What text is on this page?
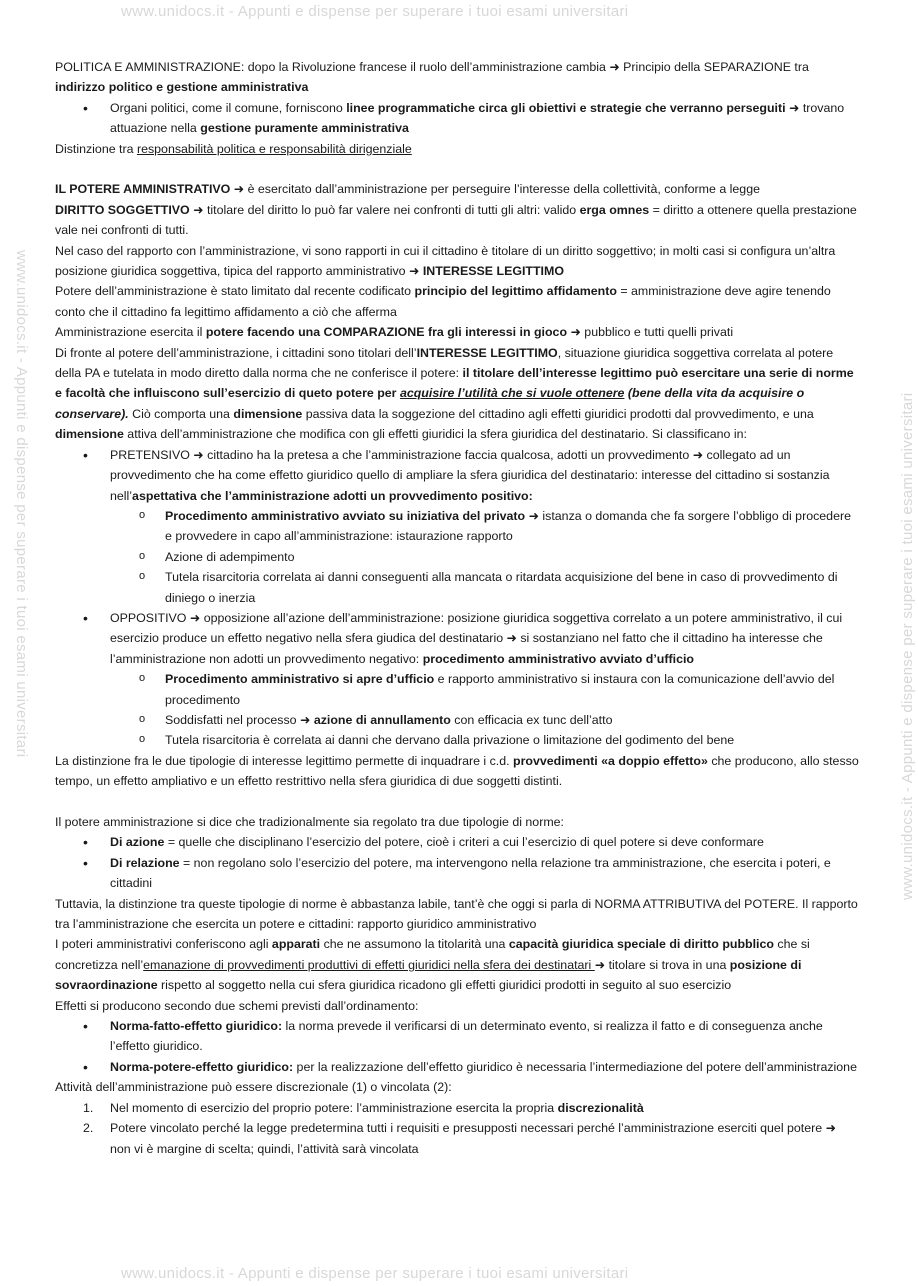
www.unidocs.it - Appunti e dispense per superare i tuoi esami universitari
www.unidocs.it - Appunti e dispense per superare i tuoi esami universitari
www.unidocs.it - Appunti e dispense per superare i tuoi esami universitari	www.unidocs.it - Appunti e dispense per superare i tuoi esami universitari

POLITICA E AMMINISTRAZIONE: dopo la Rivoluzione francese il ruolo dell’amministrazione cambia ➜ Principio della SEPARAZIONE tra indirizzo politico e gestione amministrativa

• Organi politici, come il comune, forniscono linee programmatiche circa gli obiettivi e strategie che verranno perseguiti ➜ trovano attuazione nella gestione puramente amministrativa

Distinzione tra responsabilità politica e responsabilità dirigenziale

IL POTERE AMMINISTRATIVO ➜ è esercitato dall’amministrazione per perseguire l’interesse della collettività, conforme a legge

DIRITTO SOGGETTIVO ➜ titolare del diritto lo può far valere nei confronti di tutti gli altri: valido erga omnes = diritto a ottenere quella prestazione vale nei confronti di tutti.

Nel caso del rapporto con l’amministrazione, vi sono rapporti in cui il cittadino è titolare di un diritto soggettivo; in molti casi si configura un’altra posizione giuridica soggettiva, tipica del rapporto amministrativo ➜ INTERESSE LEGITTIMO

Potere dell’amministrazione è stato limitato dal recente codificato principio del legittimo affidamento = amministrazione deve agire tenendo conto che il cittadino fa legittimo affidamento a ciò che afferma

Amministrazione esercita il potere facendo una COMPARAZIONE fra gli interessi in gioco ➜ pubblico e tutti quelli privati

Di fronte al potere dell’amministrazione, i cittadini sono titolari dell’INTERESSE LEGITTIMO, situazione giuridica soggettiva correlata al potere della PA e tutelata in modo diretto dalla norma che ne conferisce il potere: il titolare dell’interesse legittimo può esercitare una serie di norme e facoltà che influiscono sull’esercizio di queto potere per acquisire l’utilità che si vuole ottenere (bene della vita da acquisire o conservare). Ciò comporta una dimensione passiva data la soggezione del cittadino agli effetti giuridici prodotti dal provvedimento, e una dimensione attiva dell’amministrazione che modifica con gli effetti giuridici la sfera giuridica del destinatario. Si classificano in:

• PRETENSIVO ➜ cittadino ha la pretesa a che l’amministrazione faccia qualcosa, adotti un provvedimento ➜ collegato ad un provvedimento che ha come effetto giuridico quello di ampliare la sfera giuridica del destinatario: interesse del cittadino si sostanzia nell’aspettativa che l’amministrazione adotti un provvedimento positivo:
o Procedimento amministrativo avviato su iniziativa del privato ➜ istanza o domanda che fa sorgere l’obbligo di procedere e provvedere in capo all’amministrazione: istaurazione rapporto
o Azione di adempimento
o Tutela risarcitoria correlata ai danni conseguenti alla mancata o ritardata acquisizione del bene in caso di provvedimento di diniego o inerzia
• OPPOSITIVO ➜ opposizione all’azione dell’amministrazione: posizione giuridica soggettiva correlato a un potere amministrativo, il cui esercizio produce un effetto negativo nella sfera giudica del destinatario ➜ si sostanziano nel fatto che il cittadino ha interesse che l’amministrazione non adotti un provvedimento negativo: procedimento amministrativo avviato d’ufficio
o Procedimento amministrativo si apre d’ufficio e rapporto amministrativo si instaura con la comunicazione dell’avvio del procedimento
o Soddisfatti nel processo ➜ azione di annullamento con efficacia ex tunc dell’atto
o Tutela risarcitoria è correlata ai danni che dervano dalla privazione o limitazione del godimento del bene

La distinzione fra le due tipologie di interesse legittimo permette di inquadrare i c.d. provvedimenti «a doppio effetto» che producono, allo stesso tempo, un effetto ampliativo e un effetto restrittivo nella sfera giuridica di due soggetti distinti.

Il potere amministrazione si dice che tradizionalmente sia regolato tra due tipologie di norme:

• Di azione = quelle che disciplinano l’esercizio del potere, cioè i criteri a cui l’esercizio di quel potere si deve conformare
• Di relazione = non regolano solo l’esercizio del potere, ma intervengono nella relazione tra amministrazione, che esercita i poteri, e cittadini

Tuttavia, la distinzione tra queste tipologie di norme è abbastanza labile, tant’è che oggi si parla di NORMA ATTRIBUTIVA del POTERE. Il rapporto tra l’amministrazione che esercita un potere e cittadini: rapporto giuridico amministrativo

I poteri amministrativi conferiscono agli apparati che ne assumono la titolarità una capacità giuridica speciale di diritto pubblico che si concretizza nell’emanazione di provvedimenti produttivi di effetti giuridici nella sfera dei destinatari ➜ titolare si trova in una posizione di sovraordinazione rispetto al soggetto nella cui sfera giuridica ricadono gli effetti giuridici prodotti in seguito al suo esercizio

Effetti si producono secondo due schemi previsti dall’ordinamento:

• Norma-fatto-effetto giuridico: la norma prevede il verificarsi di un determinato evento, si realizza il fatto e di conseguenza anche l’effetto giuridico.
• Norma-potere-effetto giuridico: per la realizzazione dell’effetto giuridico è necessaria l’intermediazione del potere dell’amministrazione

Attività dell’amministrazione può essere discrezionale (1) o vincolata (2):

1. Nel momento di esercizio del proprio potere: l’amministrazione esercita la propria discrezionalità
2. Potere vincolato perché la legge predetermina tutti i requisiti e presupposti necessari perché l’amministrazione eserciti quel potere ➜ non vi è margine di scelta; quindi, l’attività sarà vincolata
